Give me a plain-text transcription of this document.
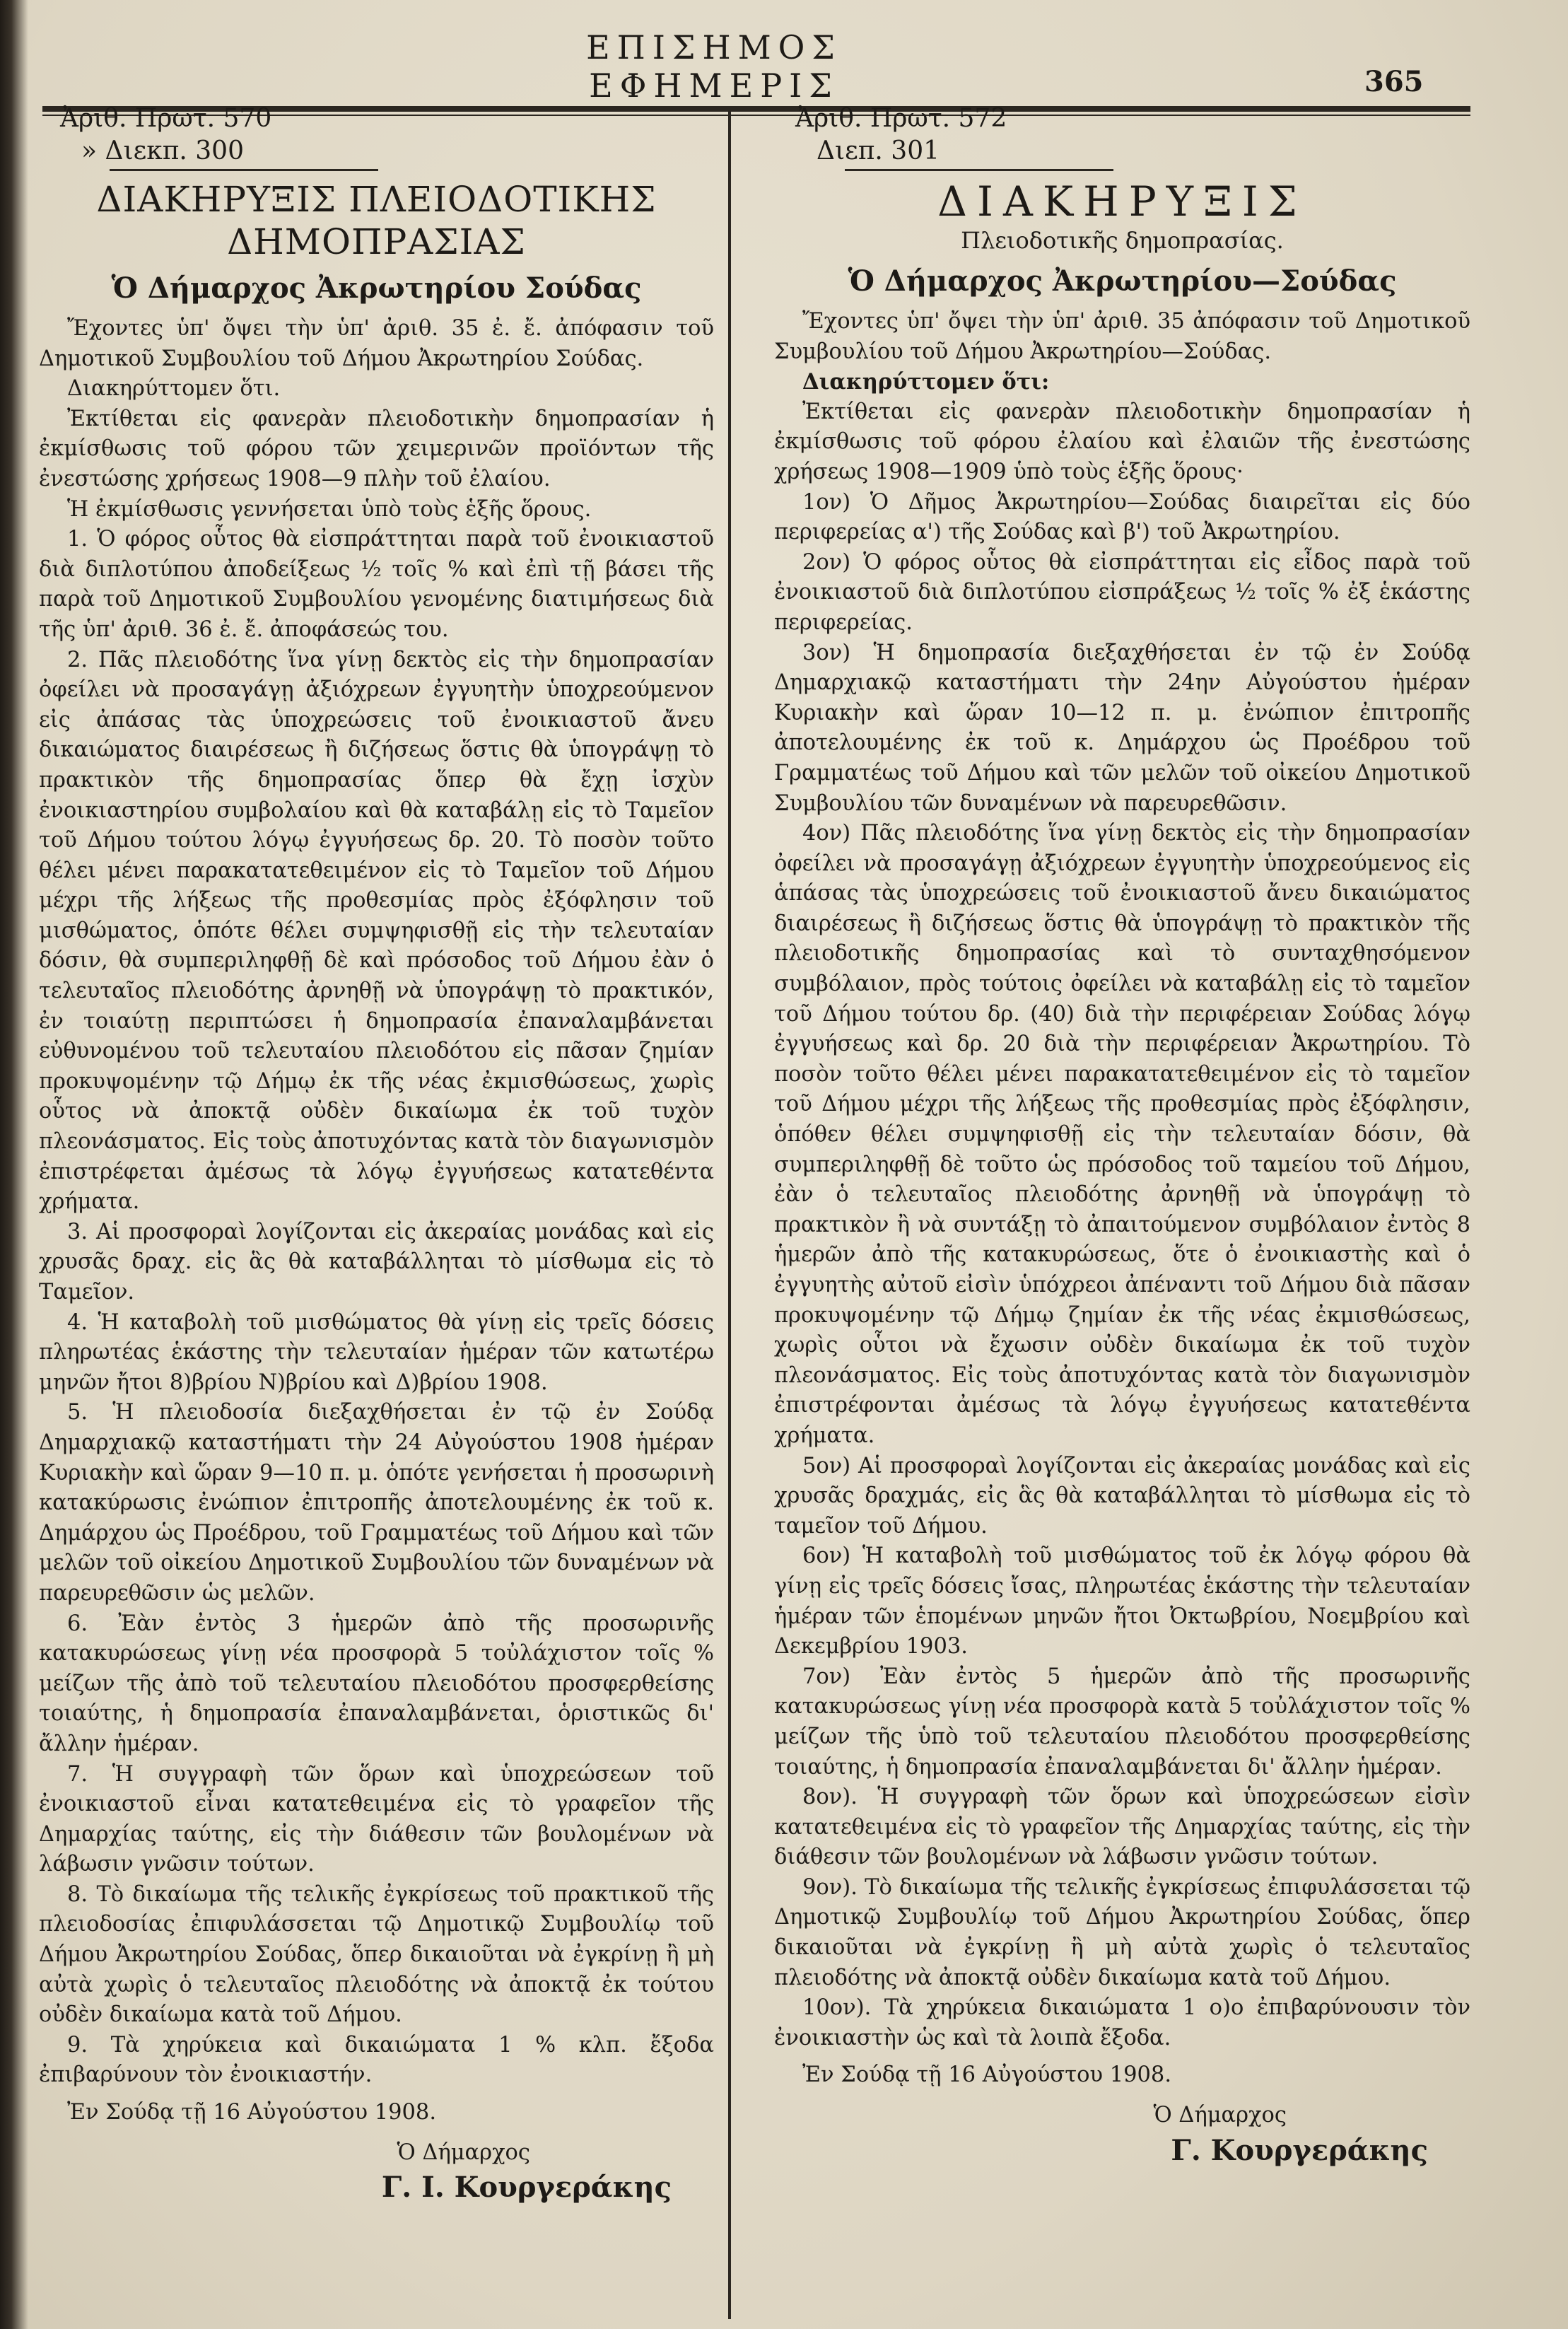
ΕΠΙΣΗΜΟΣ ΕΦΗΜΕΡΙΣ	365
Ἀριθ. Πρωτ. 570
» Διεκπ. 300
ΔΙΑΚΗΡΥΞΙΣ ΠΛΕΙΟΔΟΤΙΚΗΣ
ΔΗΜΟΠΡΑΣΙΑΣ
Ὁ Δήμαρχος Ἀκρωτηρίου Σούδας

Ἔχοντες ὑπ' ὄψει τὴν ὑπ' ἀριθ. 35 ἐ. ἔ. ἀπόφασιν τοῦ Δημοτικοῦ Συμβουλίου τοῦ Δήμου Ἀκρωτηρίου Σούδας.

Διακηρύττομεν ὅτι.

Ἐκτίθεται εἰς φανερὰν πλειοδοτικὴν δημοπρασίαν ἡ ἐκμίσθωσις τοῦ φόρου τῶν χειμερινῶν προϊόντων τῆς ἐνεστώσης χρήσεως 1908—9 πλὴν τοῦ ἐλαίου.

Ἡ ἐκμίσθωσις γεννήσεται ὑπὸ τοὺς ἑξῆς ὅρους.

1. Ὁ φόρος οὗτος θὰ εἰσπράττηται παρὰ τοῦ ἐνοικιαστοῦ διὰ διπλοτύπου ἀποδείξεως ½ τοῖς % καὶ ἐπὶ τῇ βάσει τῆς παρὰ τοῦ Δημοτικοῦ Συμβουλίου γενομένης διατιμήσεως διὰ τῆς ὑπ' ἀριθ. 36 ἐ. ἔ. ἀποφάσεώς του.

2. Πᾶς πλειοδότης ἵνα γίνῃ δεκτὸς εἰς τὴν δημοπρασίαν ὀφείλει νὰ προσαγάγῃ ἀξιόχρεων ἐγγυητὴν ὑποχρεούμενον εἰς ἀπάσας τὰς ὑποχρεώσεις τοῦ ἐνοικιαστοῦ ἄνευ δικαιώματος διαιρέσεως ἢ διζήσεως ὅστις θὰ ὑπογράψῃ τὸ πρακτικὸν τῆς δημοπρασίας ὅπερ θὰ ἔχῃ ἰσχὺν ἐνοικιαστηρίου συμβολαίου καὶ θὰ καταβάλῃ εἰς τὸ Ταμεῖον τοῦ Δήμου τούτου λόγῳ ἐγγυήσεως δρ. 20. Τὸ ποσὸν τοῦτο θέλει μένει παρακατατεθειμένον εἰς τὸ Ταμεῖον τοῦ Δήμου μέχρι τῆς λήξεως τῆς προθεσμίας πρὸς ἐξόφλησιν τοῦ μισθώματος, ὁπότε θέλει συμψηφισθῇ εἰς τὴν τελευταίαν δόσιν, θὰ συμπεριληφθῇ δὲ καὶ πρόσοδος τοῦ Δήμου ἐὰν ὁ τελευταῖος πλειοδότης ἀρνηθῇ νὰ ὑπογράψῃ τὸ πρακτικόν, ἐν τοιαύτῃ περιπτώσει ἡ δημοπρασία ἐπαναλαμβάνεται εὐθυνομένου τοῦ τελευταίου πλειοδότου εἰς πᾶσαν ζημίαν προκυψομένην τῷ Δήμῳ ἐκ τῆς νέας ἐκμισθώσεως, χωρὶς οὗτος νὰ ἀποκτᾷ οὐδὲν δικαίωμα ἐκ τοῦ τυχὸν πλεονάσματος. Εἰς τοὺς ἀποτυχόντας κατὰ τὸν διαγωνισμὸν ἐπιστρέφεται ἀμέσως τὰ λόγῳ ἐγγυήσεως κατατεθέντα χρήματα.

3. Αἱ προσφοραὶ λογίζονται εἰς ἀκεραίας μονάδας καὶ εἰς χρυσᾶς δραχ. εἰς ἃς θὰ καταβάλληται τὸ μίσθωμα εἰς τὸ Ταμεῖον.

4. Ἡ καταβολὴ τοῦ μισθώματος θὰ γίνῃ εἰς τρεῖς δόσεις πληρωτέας ἑκάστης τὴν τελευταίαν ἡμέραν τῶν κατωτέρω μηνῶν ἤτοι 8)βρίου Ν)βρίου καὶ Δ)βρίου 1908.

5. Ἡ πλειοδοσία διεξαχθήσεται ἐν τῷ ἐν Σούδᾳ Δημαρχιακῷ καταστήματι τὴν 24 Αὐγούστου 1908 ἡμέραν Κυριακὴν καὶ ὥραν 9—10 π. μ. ὁπότε γενήσεται ἡ προσωρινὴ κατακύρωσις ἐνώπιον ἐπιτροπῆς ἀποτελουμένης ἐκ τοῦ κ. Δημάρχου ὡς Προέδρου, τοῦ Γραμματέως τοῦ Δήμου καὶ τῶν μελῶν τοῦ οἰκείου Δημοτικοῦ Συμβουλίου τῶν δυναμένων νὰ παρευρεθῶσιν ὡς μελῶν.

6. Ἐὰν ἐντὸς 3 ἡμερῶν ἀπὸ τῆς προσωρινῆς κατακυρώσεως γίνῃ νέα προσφορὰ 5 τοὐλάχιστον τοῖς % μείζων τῆς ἀπὸ τοῦ τελευταίου πλειοδότου προσφερθείσης τοιαύτης, ἡ δημοπρασία ἐπαναλαμβάνεται, ὁριστικῶς δι' ἄλλην ἡμέραν.

7. Ἡ συγγραφὴ τῶν ὅρων καὶ ὑποχρεώσεων τοῦ ἐνοικιαστοῦ εἶναι κατατεθειμένα εἰς τὸ γραφεῖον τῆς Δημαρχίας ταύτης, εἰς τὴν διάθεσιν τῶν βουλομένων νὰ λάβωσιν γνῶσιν τούτων.

8. Τὸ δικαίωμα τῆς τελικῆς ἐγκρίσεως τοῦ πρακτικοῦ τῆς πλειοδοσίας ἐπιφυλάσσεται τῷ Δημοτικῷ Συμβουλίῳ τοῦ Δήμου Ἀκρωτηρίου Σούδας, ὅπερ δικαιοῦται νὰ ἐγκρίνῃ ἢ μὴ αὐτὰ χωρὶς ὁ τελευταῖος πλειοδότης νὰ ἀποκτᾷ ἐκ τούτου οὐδὲν δικαίωμα κατὰ τοῦ Δήμου.

9. Τὰ χηρύκεια καὶ δικαιώματα 1 % κλπ. ἔξοδα ἐπιβαρύνουν τὸν ἐνοικιαστήν.

Ἐν Σούδᾳ τῇ 16 Αὐγούστου 1908.
Ὁ Δήμαρχος
Γ. Ι. Κουργεράκης
Ἀριθ. Πρωτ. 572
Διεπ. 301
ΔΙΑΚΗΡΥΞΙΣ
Πλειοδοτικῆς δημοπρασίας.
Ὁ Δήμαρχος Ἀκρωτηρίου—Σούδας

Ἔχοντες ὑπ' ὄψει τὴν ὑπ' ἀριθ. 35 ἀπόφασιν τοῦ Δημοτικοῦ Συμβουλίου τοῦ Δήμου Ἀκρωτηρίου—Σούδας.

Διακηρύττομεν ὅτι:

Ἐκτίθεται εἰς φανερὰν πλειοδοτικὴν δημοπρασίαν ἡ ἐκμίσθωσις τοῦ φόρου ἐλαίου καὶ ἐλαιῶν τῆς ἐνεστώσης χρήσεως 1908—1909 ὑπὸ τοὺς ἑξῆς ὅρους·

1ον) Ὁ Δῆμος Ἀκρωτηρίου—Σούδας διαιρεῖται εἰς δύο περιφερείας α') τῆς Σούδας καὶ β') τοῦ Ἀκρωτηρίου.

2ον) Ὁ φόρος οὗτος θὰ εἰσπράττηται εἰς εἶδος παρὰ τοῦ ἐνοικιαστοῦ διὰ διπλοτύπου εἰσπράξεως ½ τοῖς % ἐξ ἑκάστης περιφερείας.

3ον) Ἡ δημοπρασία διεξαχθήσεται ἐν τῷ ἐν Σούδᾳ Δημαρχιακῷ καταστήματι τὴν 24ην Αὐγούστου ἡμέραν Κυριακὴν καὶ ὥραν 10—12 π. μ. ἐνώπιον ἐπιτροπῆς ἀποτελουμένης ἐκ τοῦ κ. Δημάρχου ὡς Προέδρου τοῦ Γραμματέως τοῦ Δήμου καὶ τῶν μελῶν τοῦ οἰκείου Δημοτικοῦ Συμβουλίου τῶν δυναμένων νὰ παρευρεθῶσιν.

4ον) Πᾶς πλειοδότης ἵνα γίνῃ δεκτὸς εἰς τὴν δημοπρασίαν ὀφείλει νὰ προσαγάγῃ ἀξιόχρεων ἐγγυητὴν ὑποχρεούμενος εἰς ἁπάσας τὰς ὑποχρεώσεις τοῦ ἐνοικιαστοῦ ἄνευ δικαιώματος διαιρέσεως ἢ διζήσεως ὅστις θὰ ὑπογράψῃ τὸ πρακτικὸν τῆς πλειοδοτικῆς δημοπρασίας καὶ τὸ συνταχθησόμενον συμβόλαιον, πρὸς τούτοις ὀφείλει νὰ καταβάλῃ εἰς τὸ ταμεῖον τοῦ Δήμου τούτου δρ. (40) διὰ τὴν περιφέρειαν Σούδας λόγῳ ἐγγυήσεως καὶ δρ. 20 διὰ τὴν περιφέρειαν Ἀκρωτηρίου. Τὸ ποσὸν τοῦτο θέλει μένει παρακατατεθειμένον εἰς τὸ ταμεῖον τοῦ Δήμου μέχρι τῆς λήξεως τῆς προθεσμίας πρὸς ἐξόφλησιν, ὁπόθεν θέλει συμψηφισθῇ εἰς τὴν τελευταίαν δόσιν, θὰ συμπεριληφθῇ δὲ τοῦτο ὡς πρόσοδος τοῦ ταμείου τοῦ Δήμου, ἐὰν ὁ τελευταῖος πλειοδότης ἀρνηθῇ νὰ ὑπογράψῃ τὸ πρακτικὸν ἢ νὰ συντάξῃ τὸ ἀπαιτούμενον συμβόλαιον ἐντὸς 8 ἡμερῶν ἀπὸ τῆς κατακυρώσεως, ὅτε ὁ ἐνοικιαστὴς καὶ ὁ ἐγγυητὴς αὐτοῦ εἰσὶν ὑπόχρεοι ἀπέναντι τοῦ Δήμου διὰ πᾶσαν προκυψομένην τῷ Δήμῳ ζημίαν ἐκ τῆς νέας ἐκμισθώσεως, χωρὶς οὗτοι νὰ ἔχωσιν οὐδὲν δικαίωμα ἐκ τοῦ τυχὸν πλεονάσματος. Εἰς τοὺς ἀποτυχόντας κατὰ τὸν διαγωνισμὸν ἐπιστρέφονται ἀμέσως τὰ λόγῳ ἐγγυήσεως κατατεθέντα χρήματα.

5ον) Αἱ προσφοραὶ λογίζονται εἰς ἀκεραίας μονάδας καὶ εἰς χρυσᾶς δραχμάς, εἰς ἃς θὰ καταβάλληται τὸ μίσθωμα εἰς τὸ ταμεῖον τοῦ Δήμου.

6ον) Ἡ καταβολὴ τοῦ μισθώματος τοῦ ἐκ λόγῳ φόρου θὰ γίνῃ εἰς τρεῖς δόσεις ἴσας, πληρωτέας ἑκάστης τὴν τελευταίαν ἡμέραν τῶν ἑπομένων μηνῶν ἤτοι Ὀκτωβρίου, Νοεμβρίου καὶ Δεκεμβρίου 1903.

7ον) Ἐὰν ἐντὸς 5 ἡμερῶν ἀπὸ τῆς προσωρινῆς κατακυρώσεως γίνῃ νέα προσφορὰ κατὰ 5 τοὐλάχιστον τοῖς % μείζων τῆς ὑπὸ τοῦ τελευταίου πλειοδότου προσφερθείσης τοιαύτης, ἡ δημοπρασία ἐπαναλαμβάνεται δι' ἄλλην ἡμέραν.

8ον). Ἡ συγγραφὴ τῶν ὅρων καὶ ὑποχρεώσεων εἰσὶν κατατεθειμένα εἰς τὸ γραφεῖον τῆς Δημαρχίας ταύτης, εἰς τὴν διάθεσιν τῶν βουλομένων νὰ λάβωσιν γνῶσιν τούτων.

9ον). Τὸ δικαίωμα τῆς τελικῆς ἐγκρίσεως ἐπιφυλάσσεται τῷ Δημοτικῷ Συμβουλίῳ τοῦ Δήμου Ἀκρωτηρίου Σούδας, ὅπερ δικαιοῦται νὰ ἐγκρίνῃ ἢ μὴ αὐτὰ χωρὶς ὁ τελευταῖος πλειοδότης νὰ ἀποκτᾷ οὐδὲν δικαίωμα κατὰ τοῦ Δήμου.

10ον). Τὰ χηρύκεια δικαιώματα 1 ο)ο ἐπιβαρύνουσιν τὸν ἐνοικιαστὴν ὡς καὶ τὰ λοιπὰ ἔξοδα.

Ἐν Σούδᾳ τῇ 16 Αὐγούστου 1908.
Ὁ Δήμαρχος
Γ. Κουργεράκης
